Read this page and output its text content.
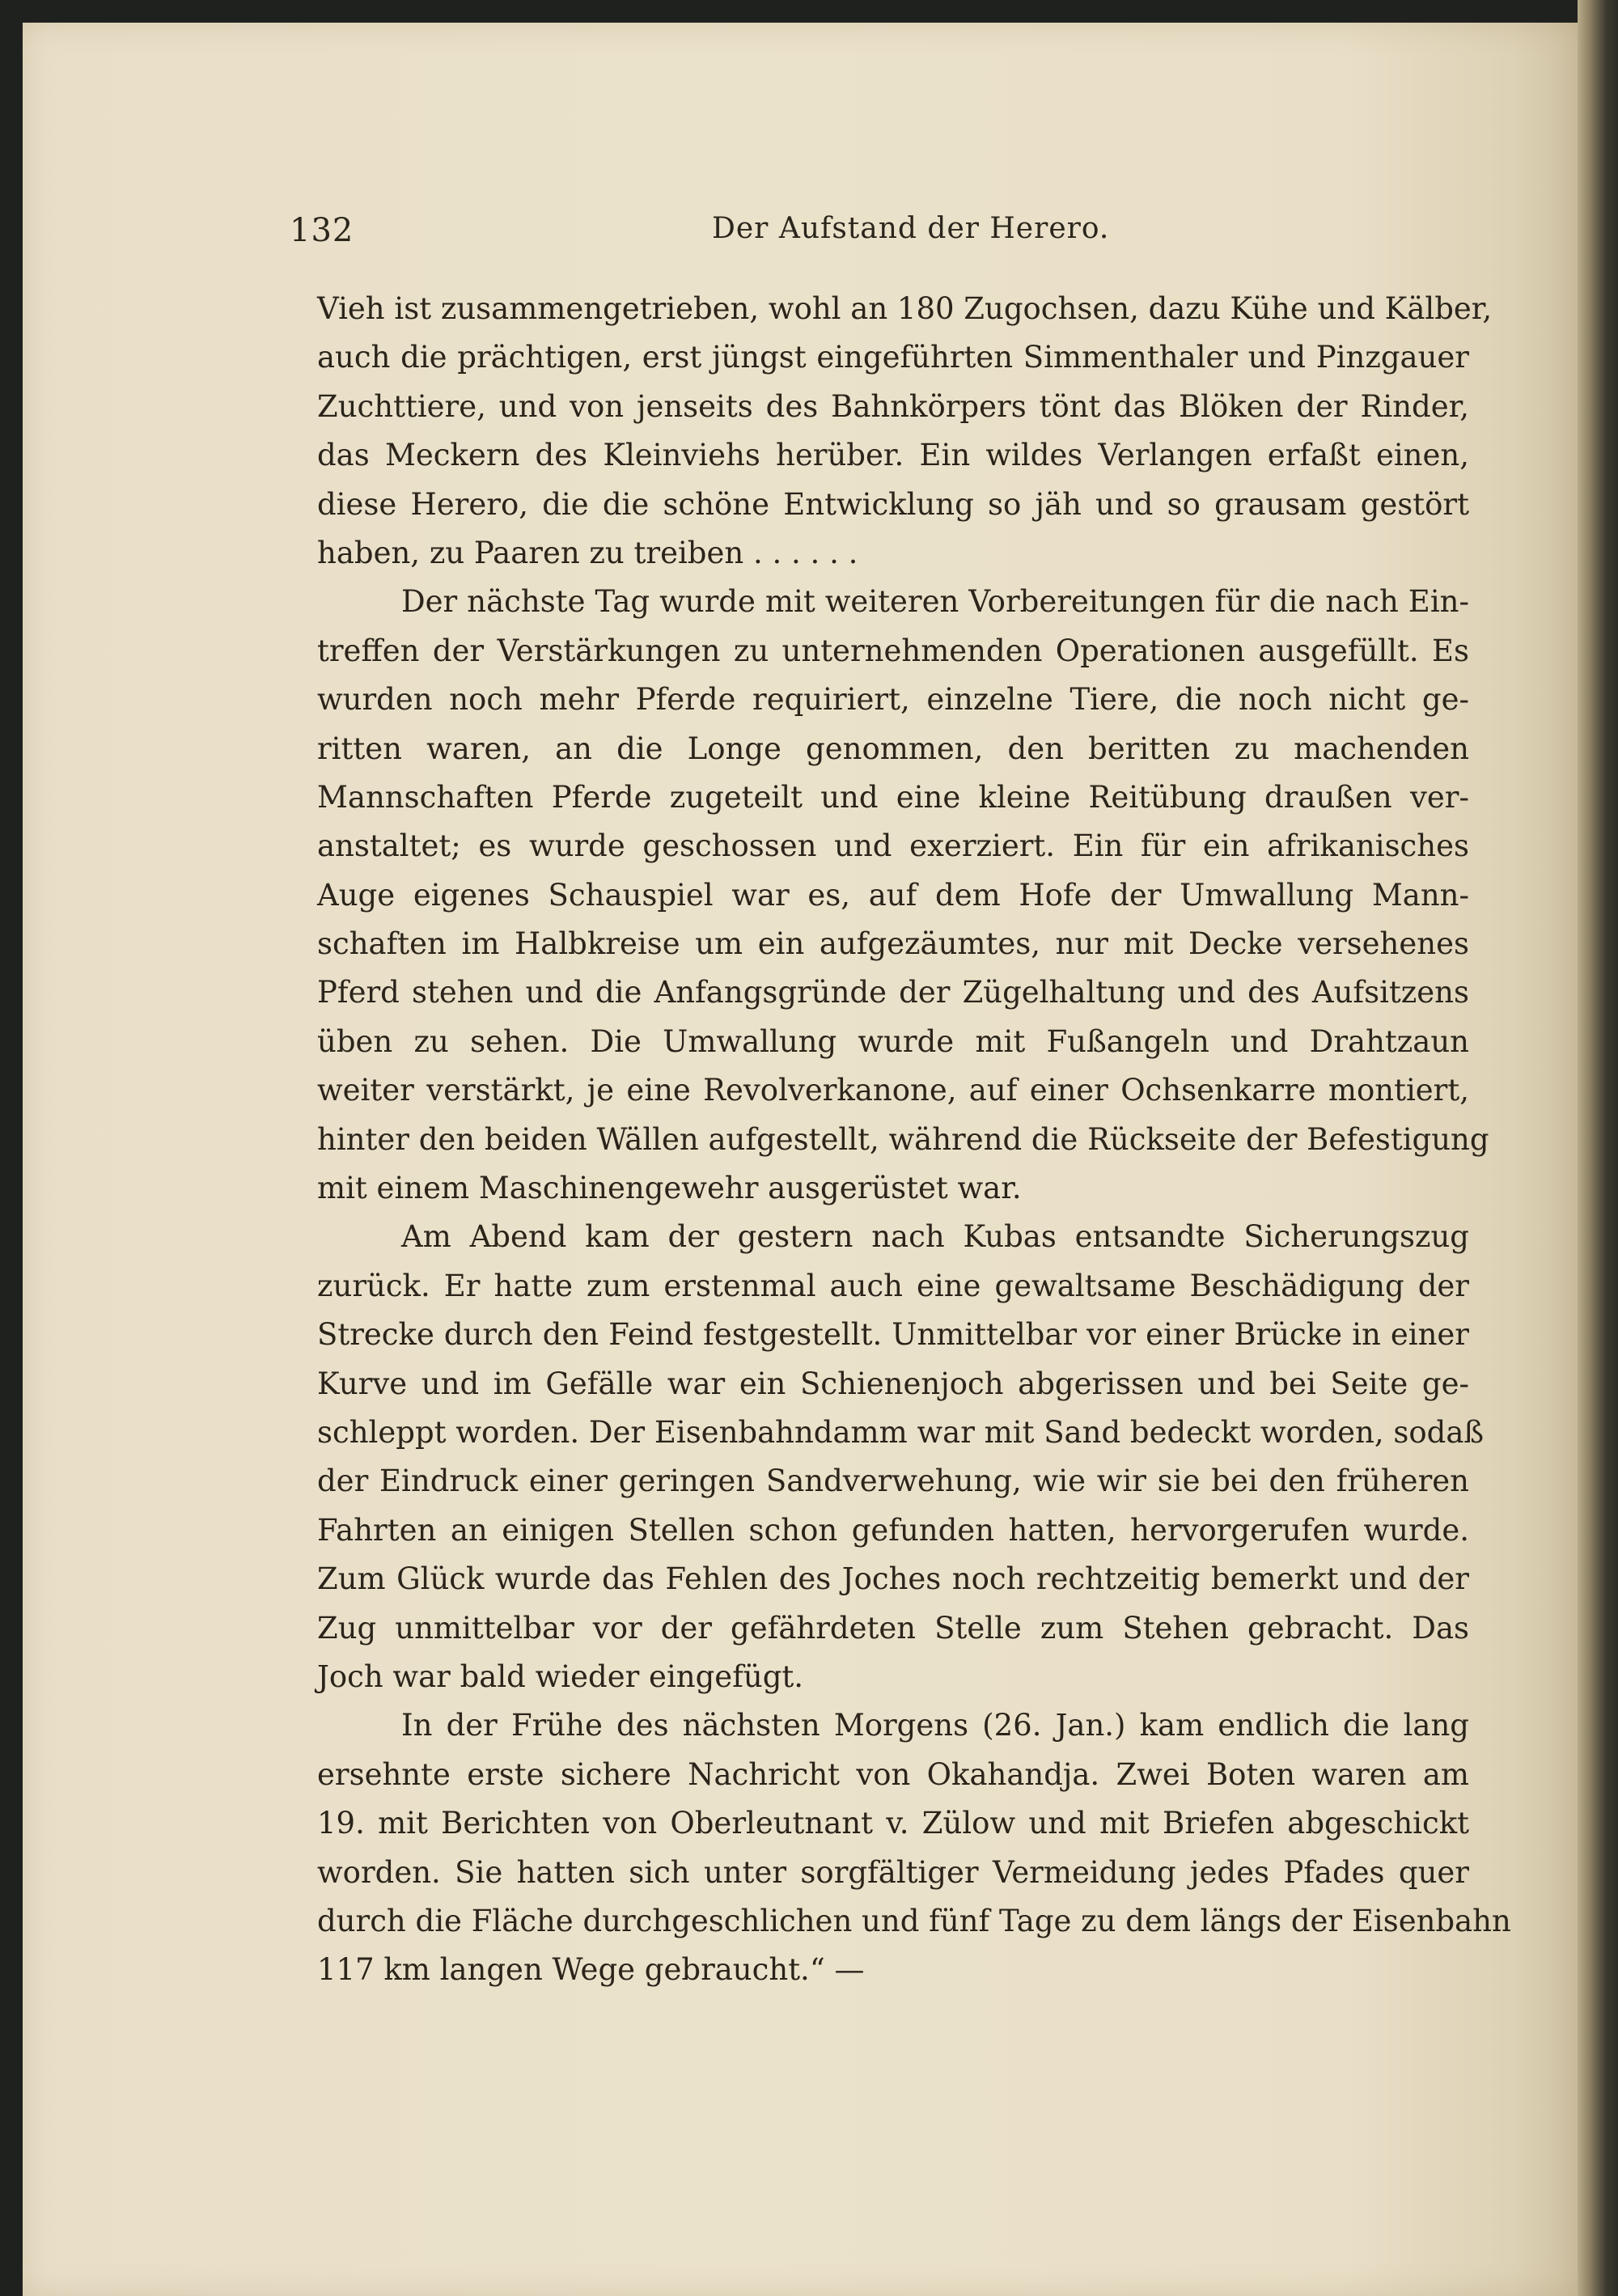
132	Der Aufstand der Herero.
Vieh ist zusammengetrieben, wohl an 180 Zugochsen, dazu Kühe und Kälber,
auch die prächtigen, erst jüngst eingeführten Simmenthaler und Pinzgauer
Zuchttiere, und von jenseits des Bahnkörpers tönt das Blöken der Rinder,
das Meckern des Kleinviehs herüber. Ein wildes Verlangen erfaßt einen,
diese Herero, die die schöne Entwicklung so jäh und so grausam gestört
haben, zu Paaren zu treiben . . . . . .
Der nächste Tag wurde mit weiteren Vorbereitungen für die nach Ein-
treffen der Verstärkungen zu unternehmenden Operationen ausgefüllt. Es
wurden noch mehr Pferde requiriert, einzelne Tiere, die noch nicht ge-
ritten waren, an die Longe genommen, den beritten zu machenden
Mannschaften Pferde zugeteilt und eine kleine Reitübung draußen ver-
anstaltet; es wurde geschossen und exerziert. Ein für ein afrikanisches
Auge eigenes Schauspiel war es, auf dem Hofe der Umwallung Mann-
schaften im Halbkreise um ein aufgezäumtes, nur mit Decke versehenes
Pferd stehen und die Anfangsgründe der Zügelhaltung und des Aufsitzens
üben zu sehen. Die Umwallung wurde mit Fußangeln und Drahtzaun
weiter verstärkt, je eine Revolverkanone, auf einer Ochsenkarre montiert,
hinter den beiden Wällen aufgestellt, während die Rückseite der Befestigung
mit einem Maschinengewehr ausgerüstet war.
Am Abend kam der gestern nach Kubas entsandte Sicherungszug
zurück. Er hatte zum erstenmal auch eine gewaltsame Beschädigung der
Strecke durch den Feind festgestellt. Unmittelbar vor einer Brücke in einer
Kurve und im Gefälle war ein Schienenjoch abgerissen und bei Seite ge-
schleppt worden. Der Eisenbahndamm war mit Sand bedeckt worden, sodaß
der Eindruck einer geringen Sandverwehung, wie wir sie bei den früheren
Fahrten an einigen Stellen schon gefunden hatten, hervorgerufen wurde.
Zum Glück wurde das Fehlen des Joches noch rechtzeitig bemerkt und der
Zug unmittelbar vor der gefährdeten Stelle zum Stehen gebracht. Das
Joch war bald wieder eingefügt.
In der Frühe des nächsten Morgens (26. Jan.) kam endlich die lang
ersehnte erste sichere Nachricht von Okahandja. Zwei Boten waren am
19. mit Berichten von Oberleutnant v. Zülow und mit Briefen abgeschickt
worden. Sie hatten sich unter sorgfältiger Vermeidung jedes Pfades quer
durch die Fläche durchgeschlichen und fünf Tage zu dem längs der Eisenbahn
117 km langen Wege gebraucht.“ —
